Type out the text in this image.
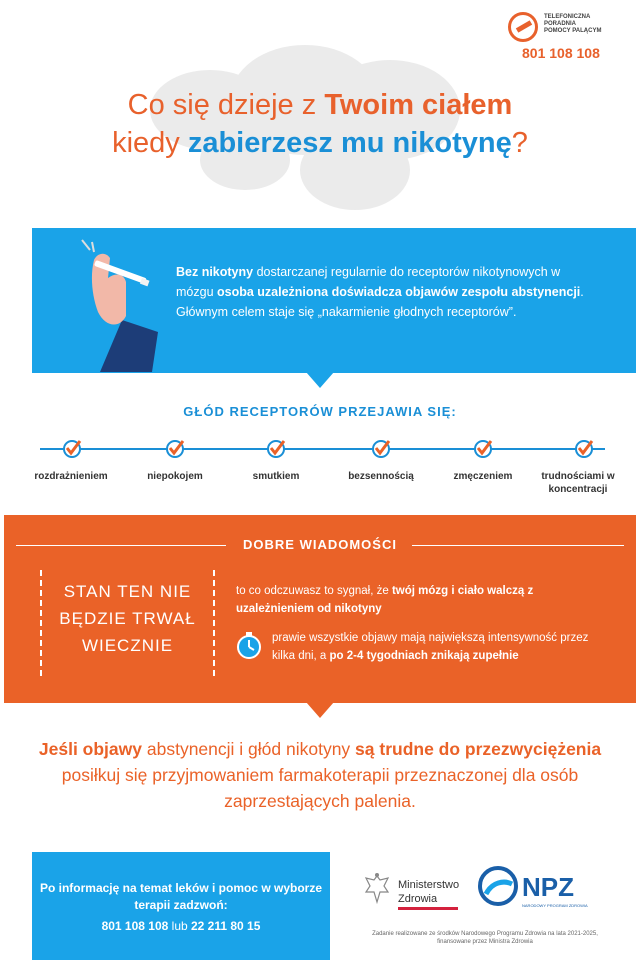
TELEFONICZNA
PORADNIA
POMOCY PALĄCYM
801 108 108
Co się dzieje z Twoim ciałem
kiedy zabierzesz mu nikotynę?
Bez nikotyny dostarczanej regularnie do receptorów nikotynowych w mózgu osoba uzależniona doświadcza objawów zespołu abstynencji. Głównym celem staje się „nakarmienie głodnych receptorów”.
GŁÓD RECEPTORÓW PRZEJAWIA SIĘ:
rozdrażnieniem	niepokojem	smutkiem	bezsennością	zmęczeniem	trudnościami w koncentracji
DOBRE WIADOMOŚCI
STAN TEN NIE BĘDZIE TRWAŁ WIECZNIE
to co odczuwasz to sygnał, że twój mózg i ciało walczą z uzależnieniem od nikotyny
prawie wszystkie objawy mają największą intensywność przez kilka dni, a po 2-4 tygodniach znikają zupełnie
Jeśli objawy abstynencji i głód nikotyny są trudne do przezwyciężenia posiłkuj się przyjmowaniem farmakoterapii przeznaczonej dla osób zaprzestających palenia.
Po informację na temat leków i pomoc w wyborze terapii zadzwoń:
801 108 108 lub 22 211 80 15
Ministerstwo Zdrowia	NPZ
NARODOWY PROGRAM ZDROWIA
Zadanie realizowane ze środków Narodowego Programu Zdrowia na lata 2021-2025, finansowane przez Ministra Zdrowia
